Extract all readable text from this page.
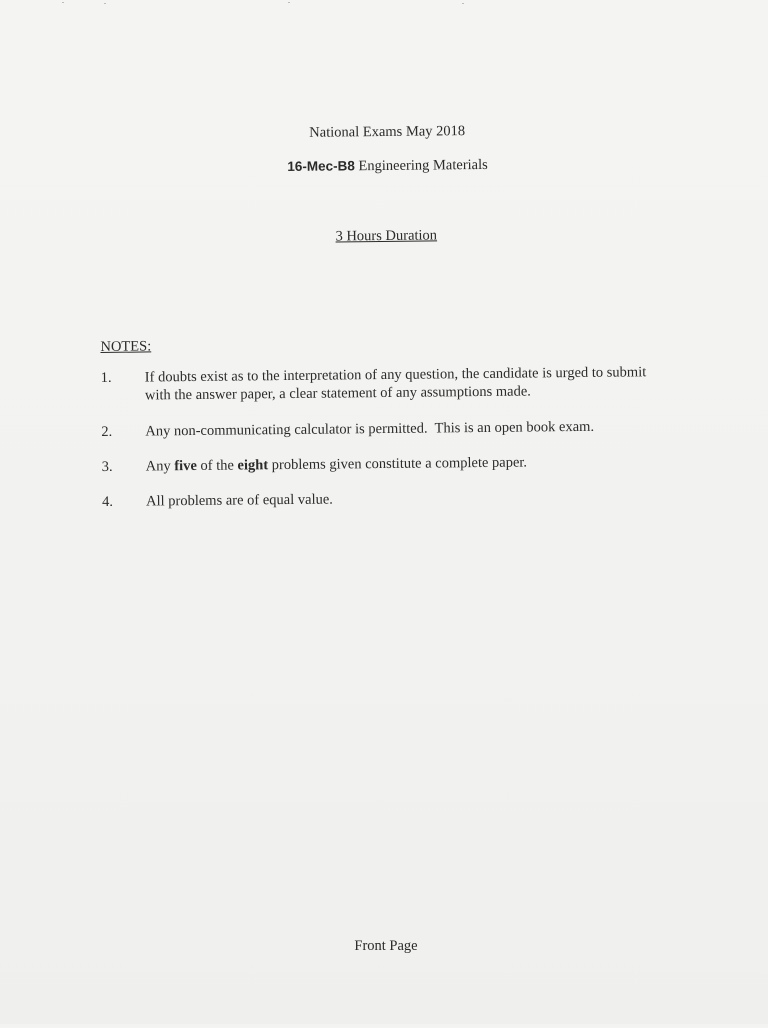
National Exams May 2018
16-Mec-B8 Engineering Materials
3 Hours Duration
NOTES:
1. If doubts exist as to the interpretation of any question, the candidate is urged to submit
with the answer paper, a clear statement of any assumptions made.
2. Any non-communicating calculator is permitted.  This is an open book exam.
3. Any five of the eight problems given constitute a complete paper.
4. All problems are of equal value.
Front Page
